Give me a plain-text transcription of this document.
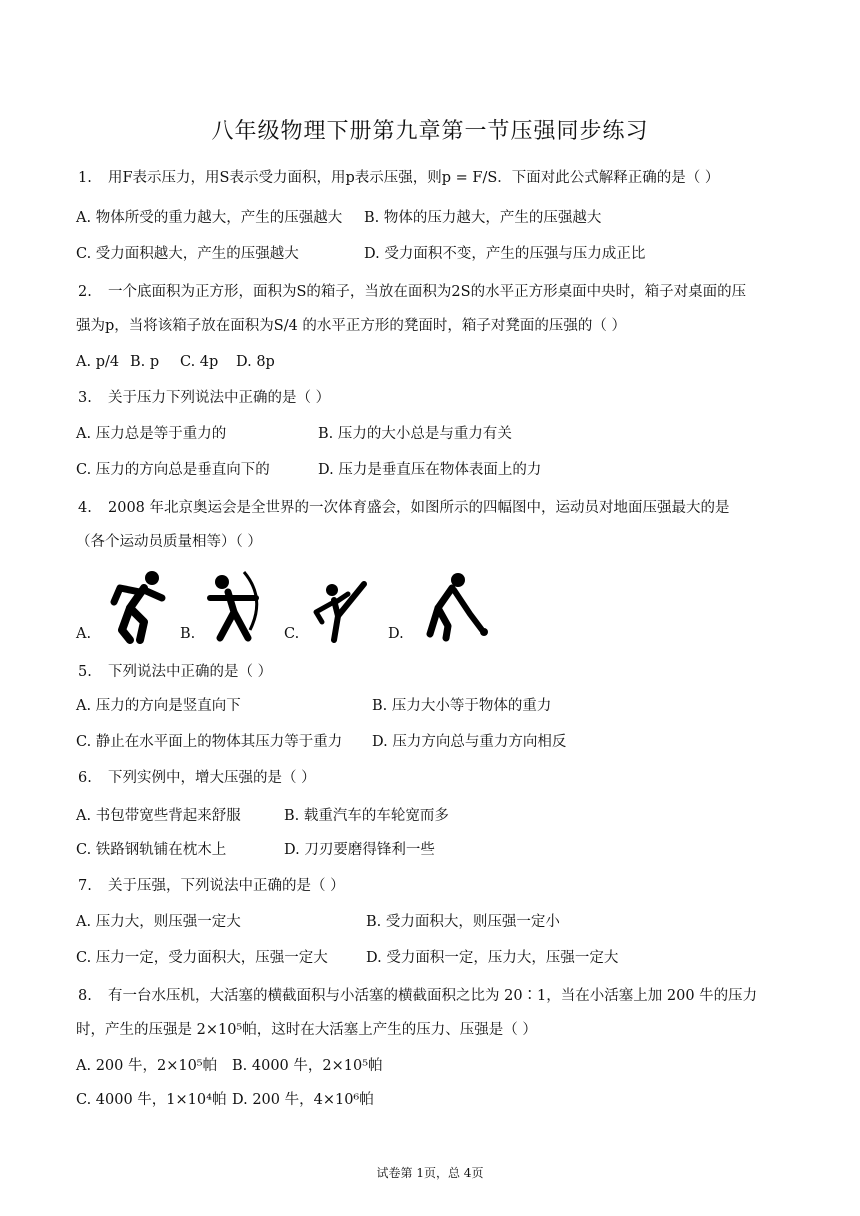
八年级物理下册第九章第一节压强同步练习
1. 用F表示压力，用S表示受力面积，用p表示压强，则p = F/S．下面对此公式解释正确的是（ ）
A. 物体所受的重力越大，产生的压强越大 B. 物体的压力越大，产生的压强越大
C. 受力面积越大，产生的压强越大	D. 受力面积不变，产生的压强与压力成正比
2. 一个底面积为正方形，面积为S的箱子，当放在面积为2S的水平正方形桌面中央时，箱子对桌面的压
强为p，当将该箱子放在面积为S/4 的水平正方形的凳面时，箱子对凳面的压强的（ ）
A. p/4 B. p C. 4p D. 8p
3. 关于压力下列说法中正确的是（ ）
A. 压力总是等于重力的	B. 压力的大小总是与重力有关
C. 压力的方向总是垂直向下的	D. 压力是垂直压在物体表面上的力
4. 2008 年北京奥运会是全世界的一次体育盛会，如图所示的四幅图中，运动员对地面压强最大的是
（各个运动员质量相等）（ ）
A.	B.	C.	D.
5. 下列说法中正确的是（ ）
A. 压力的方向是竖直向下	B. 压力大小等于物体的重力
C. 静止在水平面上的物体其压力等于重力 D. 压力方向总与重力方向相反
6. 下列实例中，增大压强的是（ ）
A. 书包带宽些背起来舒服	B. 载重汽车的车轮宽而多
C. 铁路钢轨铺在枕木上	D. 刀刃要磨得锋利一些
7. 关于压强，下列说法中正确的是（ ）
A. 压力大，则压强一定大	B. 受力面积大，则压强一定小
C. 压力一定，受力面积大，压强一定大	D. 受力面积一定，压力大，压强一定大
8. 有一台水压机，大活塞的横截面积与小活塞的横截面积之比为 20∶1，当在小活塞上加 200 牛的压力
时，产生的压强是 2×10⁵帕，这时在大活塞上产生的压力、压强是（ ）
A. 200 牛，2×10⁵帕 B. 4000 牛，2×10⁵帕
C. 4000 牛，1×10⁴帕 D. 200 牛，4×10⁶帕
试卷第 1页，总 4页
